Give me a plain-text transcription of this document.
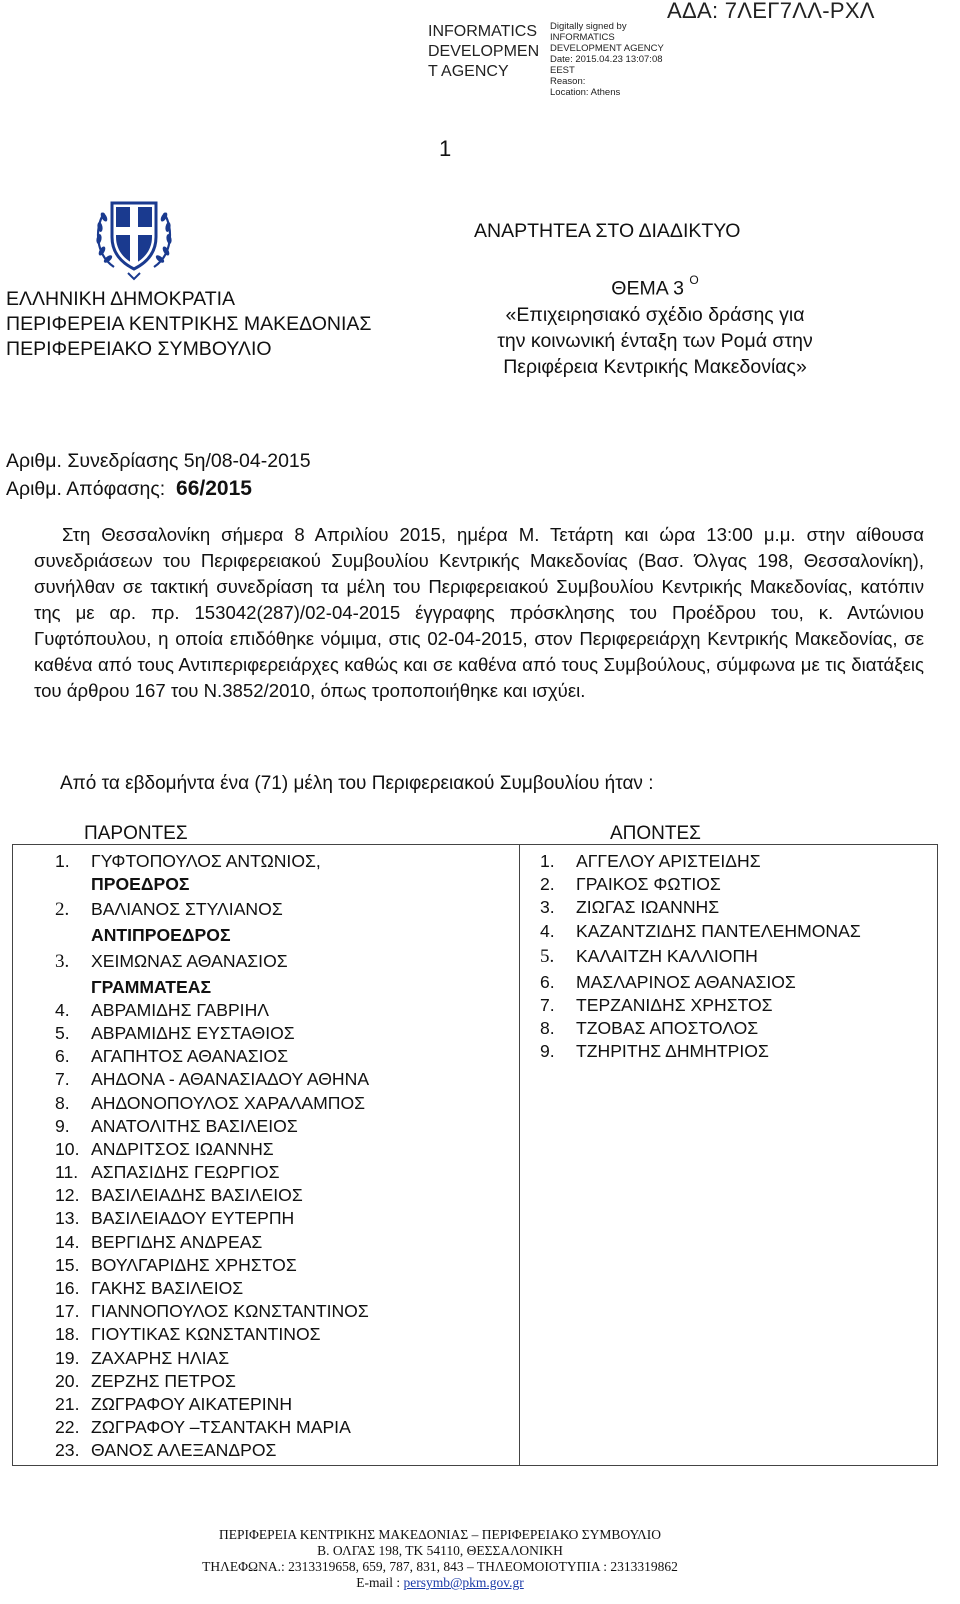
INFORMATICS
DEVELOPMEN
T AGENCY
Digitally signed by
INFORMATICS
DEVELOPMENT AGENCY
Date: 2015.04.23 13:07:08
EEST
Reason:
Location: Athens
ΑΔΑ: 7ΛΕΓ7ΛΛ-ΡΧΛ
1
ΕΛΛΗΝΙΚΗ ΔΗΜΟΚΡΑΤΙΑ
ΠΕΡΙΦΕΡΕΙΑ ΚΕΝΤΡΙΚΗΣ ΜΑΚΕΔΟΝΙΑΣ
ΠΕΡΙΦΕΡΕΙΑΚΟ ΣΥΜΒΟΥΛΙΟ
ΑΝΑΡΤΗΤΕΑ ΣΤΟ ΔΙΑΔΙΚΤΥΟ
ΘΕΜΑ 3 $^O$
«Επιχειρησιακό σχέδιο δράσης για
την κοινωνική ένταξη των Ρομά στην
Περιφέρεια Κεντρικής Μακεδονίας»
Αριθμ. Συνεδρίασης 5η/08-04-2015
Αριθμ. Απόφασης: 66/2015
Στη Θεσσαλονίκη σήμερα 8 Απριλίου 2015, ημέρα Μ. Τετάρτη και ώρα 13:00 μ.μ. στην αίθουσα συνεδριάσεων του Περιφερειακού Συμβουλίου Κεντρικής Μακεδονίας (Βασ. Όλγας 198, Θεσσαλονίκη), συνήλθαν σε τακτική συνεδρίαση τα μέλη του Περιφερειακού Συμβουλίου Κεντρικής Μακεδονίας, κατόπιν της με αρ. πρ. 153042(287)/02-04-2015 έγγραφης πρόσκλησης του Προέδρου του, κ. Αντώνιου Γυφτόπουλου, η οποία επιδόθηκε νόμιμα, στις 02-04-2015, στον Περιφερειάρχη Κεντρικής Μακεδονίας, σε καθένα από τους Αντιπεριφερειάρχες καθώς και σε καθένα από τους Συμβούλους, σύμφωνα με τις διατάξεις του άρθρου 167 του Ν.3852/2010, όπως τροποποιήθηκε και ισχύει.
Από τα εβδομήντα ένα (71) μέλη του Περιφερειακού Συμβουλίου ήταν :
ΠΑΡΟΝΤΕΣ	ΑΠΟΝΤΕΣ
1.	ΓΥΦΤΟΠΟΥΛΟΣ ΑΝΤΩΝΙΟΣ,
ΠΡΟΕΔΡΟΣ
2.	ΒΑΛΙΑΝΟΣ ΣΤΥΛΙΑΝΟΣ
ΑΝΤΙΠΡΟΕΔΡΟΣ
3.	ΧΕΙΜΩΝΑΣ ΑΘΑΝΑΣΙΟΣ
ΓΡΑΜΜΑΤΕΑΣ
4.	ΑΒΡΑΜΙΔΗΣ ΓΑΒΡΙΗΛ
5.	ΑΒΡΑΜΙΔΗΣ ΕΥΣΤΑΘΙΟΣ
6.	ΑΓΑΠΗΤΟΣ ΑΘΑΝΑΣΙΟΣ
7.	ΑΗΔΟΝΑ - ΑΘΑΝΑΣΙΑΔΟΥ ΑΘΗΝΑ
8.	ΑΗΔΟΝΟΠΟΥΛΟΣ ΧΑΡΑΛΑΜΠΟΣ
9.	ΑΝΑΤΟΛΙΤΗΣ ΒΑΣΙΛΕΙΟΣ
10. ΑΝΔΡΙΤΣΟΣ ΙΩΑΝΝΗΣ
11. ΑΣΠΑΣΙΔΗΣ ΓΕΩΡΓΙΟΣ
12. ΒΑΣΙΛΕΙΑΔΗΣ ΒΑΣΙΛΕΙΟΣ
13. ΒΑΣΙΛΕΙΑΔΟΥ ΕΥΤΕΡΠΗ
14. ΒΕΡΓΙΔΗΣ ΑΝΔΡΕΑΣ
15. ΒΟΥΛΓΑΡΙΔΗΣ ΧΡΗΣΤΟΣ
16. ΓΑΚΗΣ ΒΑΣΙΛΕΙΟΣ
17. ΓΙΑΝΝΟΠΟΥΛΟΣ ΚΩΝΣΤΑΝΤΙΝΟΣ
18. ΓΙΟΥΤΙΚΑΣ ΚΩΝΣΤΑΝΤΙΝΟΣ
19. ΖΑΧΑΡΗΣ ΗΛΙΑΣ
20. ΖΕΡΖΗΣ ΠΕΤΡΟΣ
21. ΖΩΓΡΑΦΟΥ ΑΙΚΑΤΕΡΙΝΗ
22. ΖΩΓΡΑΦΟΥ –ΤΣΑΝΤΑΚΗ ΜΑΡΙΑ
23. ΘΑΝΟΣ ΑΛΕΞΑΝΔΡΟΣ
1.	ΑΓΓΕΛΟΥ ΑΡΙΣΤΕΙΔΗΣ
2.	ΓΡΑΙΚΟΣ ΦΩΤΙΟΣ
3.	ΖΙΩΓΑΣ ΙΩΑΝΝΗΣ
4.	ΚΑΖΑΝΤΖΙΔΗΣ ΠΑΝΤΕΛΕΗΜΟΝΑΣ
5.	ΚΑΛΑΙΤΖΗ ΚΑΛΛΙΟΠΗ
6.	ΜΑΣΛΑΡΙΝΟΣ ΑΘΑΝΑΣΙΟΣ
7.	ΤΕΡΖΑΝΙΔΗΣ ΧΡΗΣΤΟΣ
8.	ΤΖΟΒΑΣ ΑΠΟΣΤΟΛΟΣ
9.	ΤΖΗΡΙΤΗΣ ΔΗΜΗΤΡΙΟΣ
ΠΕΡΙΦΕΡΕΙΑ ΚΕΝΤΡΙΚΗΣ ΜΑΚΕΔΟΝΙΑΣ – ΠΕΡΙΦΕΡΕΙΑΚΟ ΣΥΜΒΟΥΛΙΟ
Β. ΟΛΓΑΣ 198, ΤΚ 54110, ΘΕΣΣΑΛΟΝΙΚΗ
ΤΗΛΕΦΩΝΑ.: 2313319658, 659, 787, 831, 843 – ΤΗΛΕΟΜΟΙΟΤΥΠΙΑ : 2313319862
E-mail : persymb@pkm.gov.gr
